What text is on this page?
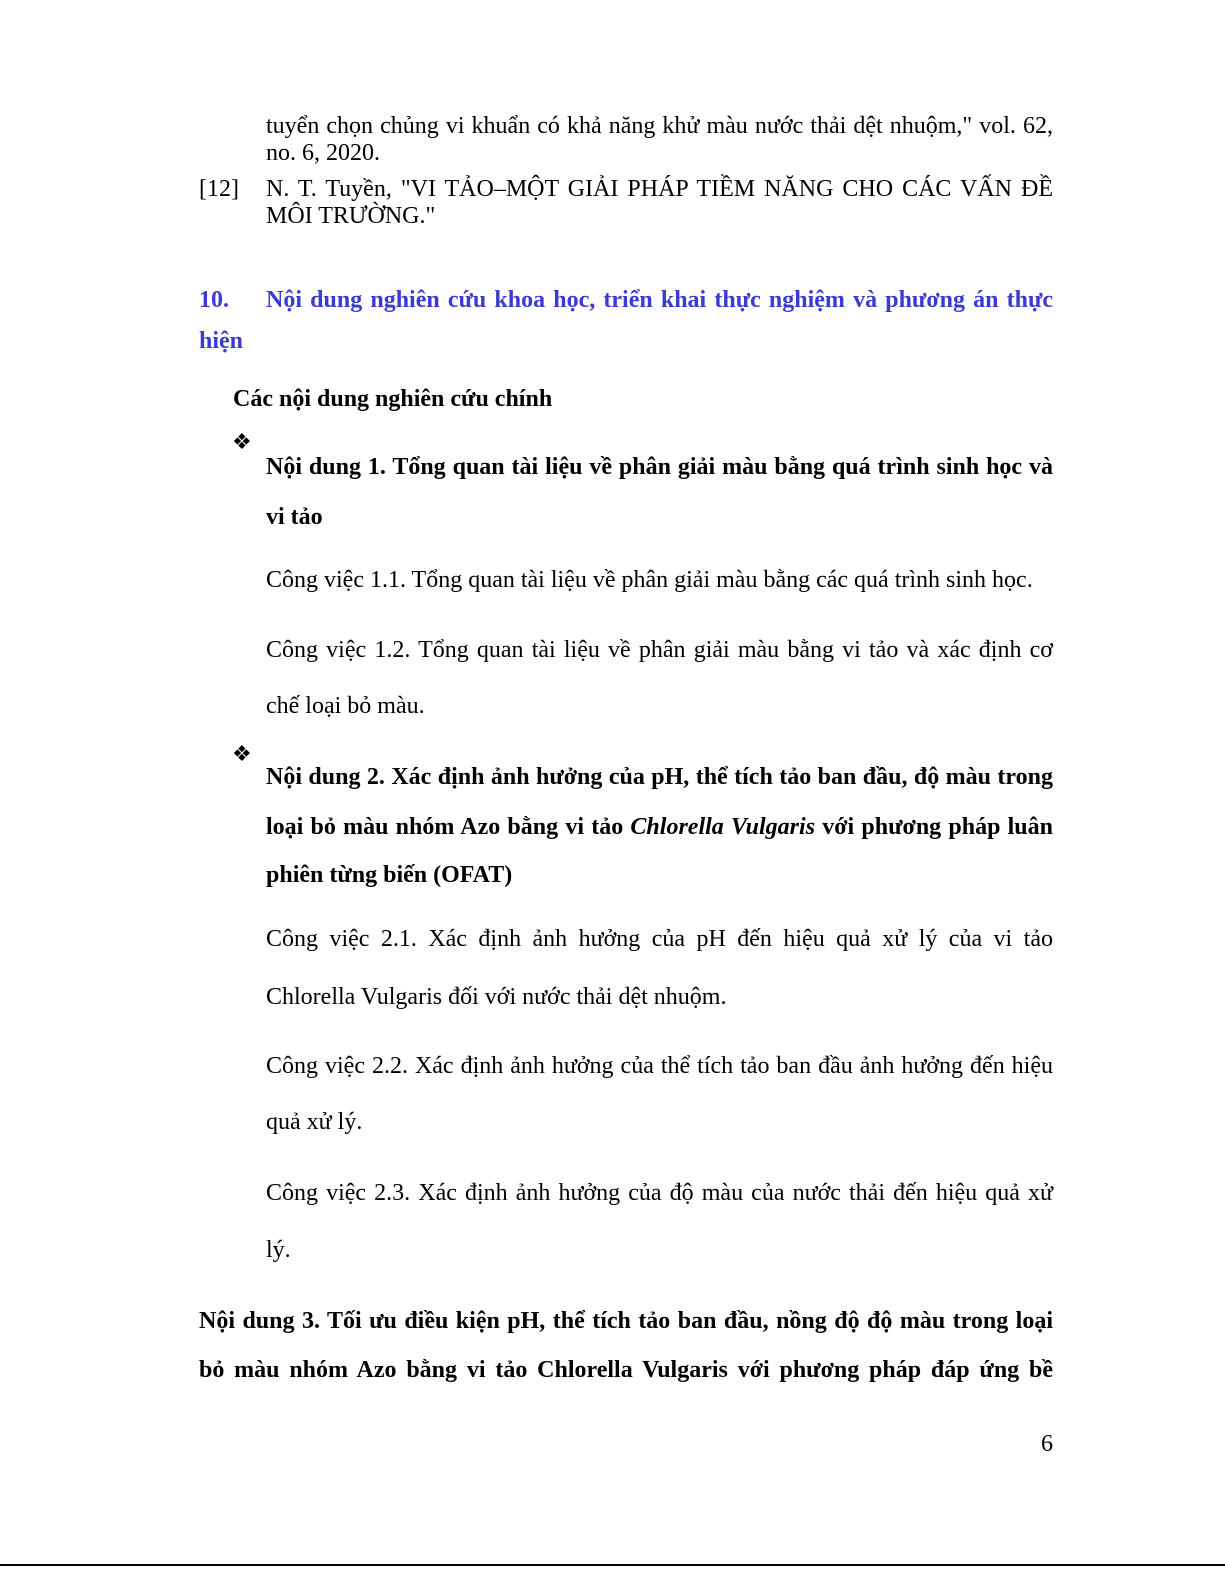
tuyển chọn chủng vi khuẩn có khả năng khử màu nước thải dệt nhuộm," vol. 62,

no. 6, 2020.

[12] N. T. Tuyền, "VI TẢO–MỘT GIẢI PHÁP TIỀM NĂNG CHO CÁC VẤN ĐỀ

MÔI TRƯỜNG."

10. Nội dung nghiên cứu khoa học, triển khai thực nghiệm và phương án thực

hiện

Các nội dung nghiên cứu chính

❖

Nội dung 1. Tổng quan tài liệu về phân giải màu bằng quá trình sinh học và

vi tảo

Công việc 1.1. Tổng quan tài liệu về phân giải màu bằng các quá trình sinh học.

Công việc 1.2. Tổng quan tài liệu về phân giải màu bằng vi tảo và xác định cơ

chế loại bỏ màu.

❖

Nội dung 2. Xác định ảnh hưởng của pH, thể tích tảo ban đầu, độ màu trong

loại bỏ màu nhóm Azo bằng vi tảo Chlorella Vulgaris với phương pháp luân

phiên từng biến (OFAT)

Công việc 2.1. Xác định ảnh hưởng của pH đến hiệu quả xử lý của vi tảo

Chlorella Vulgaris đối với nước thải dệt nhuộm.

Công việc 2.2. Xác định ảnh hưởng của thể tích tảo ban đầu ảnh hưởng đến hiệu

quả xử lý.

Công việc 2.3. Xác định ảnh hưởng của độ màu của nước thải đến hiệu quả xử

lý.

Nội dung 3. Tối ưu điều kiện pH, thể tích tảo ban đầu, nồng độ độ màu trong loại

bỏ màu nhóm Azo bằng vi tảo Chlorella Vulgaris với phương pháp đáp ứng bề

6
